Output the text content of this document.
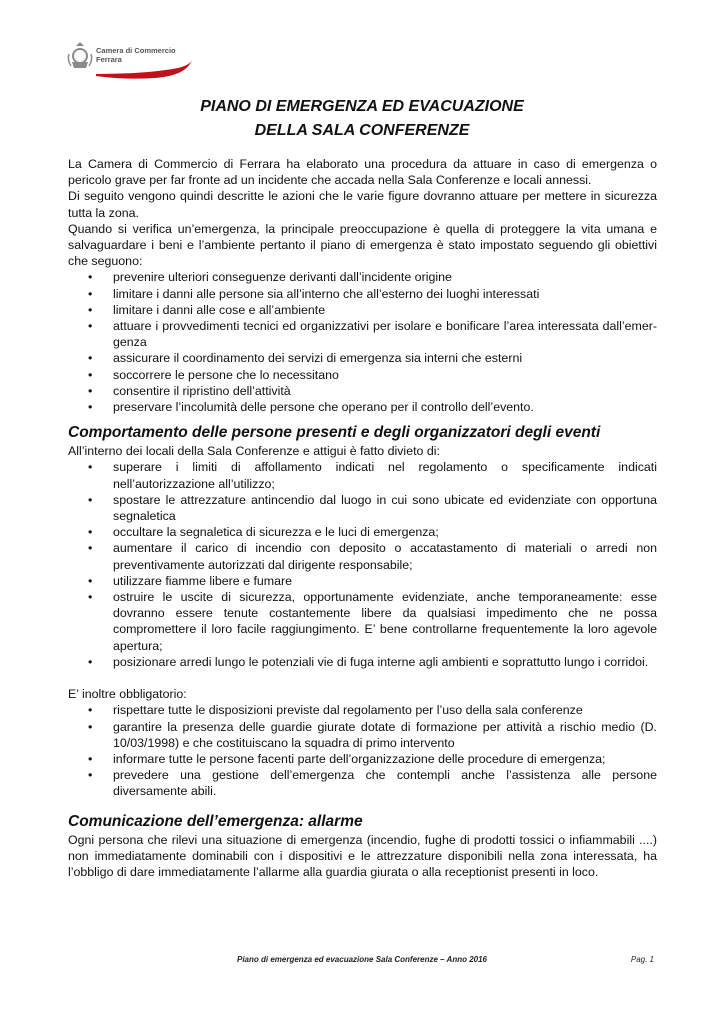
Camera di Commercio
Ferrara
PIANO DI EMERGENZA ED EVACUAZIONE
DELLA SALA CONFERENZE

La Camera di Commercio di Ferrara ha elaborato una procedura da attuare in caso di emergenza o pericolo grave per far fronte ad un incidente che accada nella Sala Conferenze e locali annessi.

Di seguito vengono quindi descritte le azioni che le varie figure dovranno attuare per mettere in sicurezza tutta la zona.

Quando si verifica un’emergenza, la principale preoccupazione è quella di proteggere la vita umana e salvaguardare i beni e l’ambiente pertanto il piano di emergenza è stato impostato seguendo gli obiettivi che seguono:

• prevenire ulteriori conseguenze derivanti dall’incidente origine
• limitare i danni alle persone sia all’interno che all’esterno dei luoghi interessati
• limitare i danni alle cose e all’ambiente
• attuare i provvedimenti tecnici ed organizzativi per isolare e bonificare l’area interessata dall’emer-genza
• assicurare il coordinamento dei servizi di emergenza sia interni che esterni
• soccorrere le persone che lo necessitano
• consentire il ripristino dell’attività
• preservare l’incolumità delle persone che operano per il controllo dell’evento.
Comportamento delle persone presenti e degli organizzatori degli eventi

All’interno dei locali della Sala Conferenze e attigui è fatto divieto di:

• superare i limiti di affollamento indicati nel regolamento o specificamente indicati nell’autorizzazione all’utilizzo;
• spostare le attrezzature antincendio dal luogo in cui sono ubicate ed evidenziate con opportuna segnaletica
• occultare la segnaletica di sicurezza e le luci di emergenza;
• aumentare il carico di incendio con deposito o accatastamento di materiali o arredi non preventivamente autorizzati dal dirigente responsabile;
• utilizzare fiamme libere e fumare
• ostruire le uscite di sicurezza, opportunamente evidenziate, anche temporaneamente: esse dovranno essere tenute costantemente libere da qualsiasi impedimento che ne possa compromettere il loro facile raggiungimento. E’ bene controllarne frequentemente la loro agevole apertura;
• posizionare arredi lungo le potenziali vie di fuga interne agli ambienti e soprattutto lungo i corridoi.

E’ inoltre obbligatorio:

• rispettare tutte le disposizioni previste dal regolamento per l’uso della sala conferenze
• garantire la presenza delle guardie giurate dotate di formazione per attività a rischio medio (D. 10/03/1998) e che costituiscano la squadra di primo intervento
• informare tutte le persone facenti parte dell’organizzazione delle procedure di emergenza;
• prevedere una gestione dell’emergenza che contempli anche l’assistenza alle persone diversamente abili.
Comunicazione dell’emergenza: allarme

Ogni persona che rilevi una situazione di emergenza (incendio, fughe di prodotti tossici o infiammabili ....) non immediatamente dominabili con i dispositivi e le attrezzature disponibili nella zona interessata, ha l’obbligo di dare immediatamente l’allarme alla guardia giurata o alla receptionist presenti in loco.

Piano di emergenza ed evacuazione Sala Conferenze – Anno 2016	Pag. 1
